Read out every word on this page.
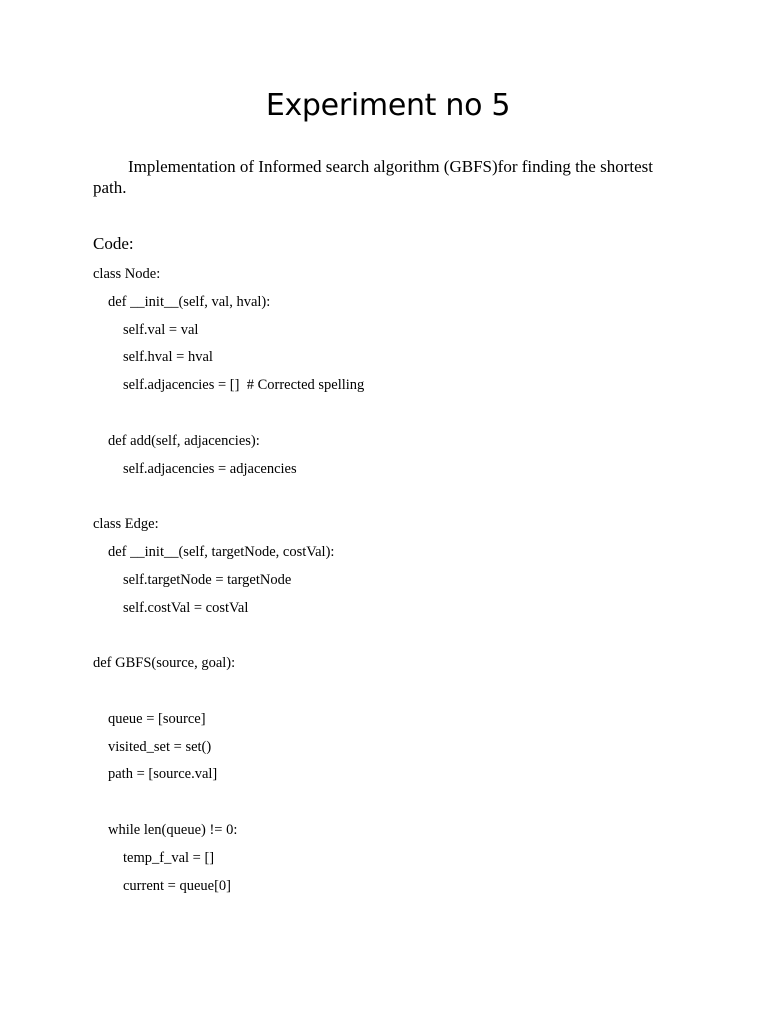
Experiment no 5
Implementation of Informed search algorithm (GBFS)for finding the shortest path.
Code:
class Node:
def __init__(self, val, hval):
self.val = val
self.hval = hval
self.adjacencies = []  # Corrected spelling
def add(self, adjacencies):
self.adjacencies = adjacencies
class Edge:
def __init__(self, targetNode, costVal):
self.targetNode = targetNode
self.costVal = costVal
def GBFS(source, goal):
queue = [source]
visited_set = set()
path = [source.val]
while len(queue) != 0:
temp_f_val = []
current = queue[0]
